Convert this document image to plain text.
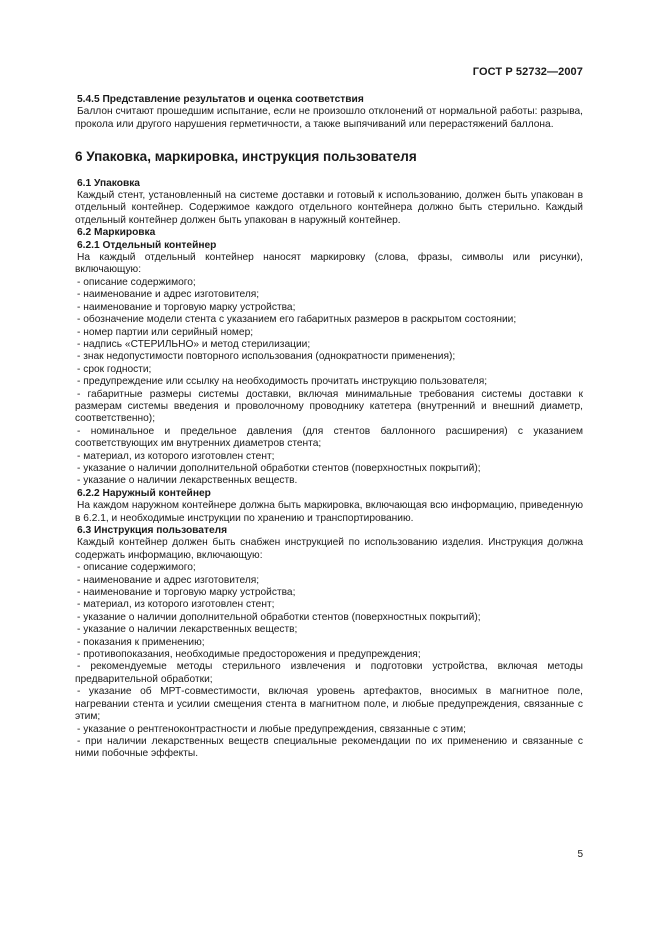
ГОСТ Р 52732—2007

5.4.5 Представление результатов и оценка соответствия

Баллон считают прошедшим испытание, если не произошло отклонений от нормальной работы: разрыва, прокола или другого нарушения герметичности, а также выпячиваний или перерастяжений баллона.

6 Упаковка, маркировка, инструкция пользователя

6.1 Упаковка

Каждый стент, установленный на системе доставки и готовый к использованию, должен быть упакован в отдельный контейнер. Содержимое каждого отдельного контейнера должно быть стерильно. Каждый отдельный контейнер должен быть упакован в наружный контейнер.

6.2 Маркировка

6.2.1 Отдельный контейнер

На каждый отдельный контейнер наносят маркировку (слова, фразы, символы или рисунки), включающую:

- описание содержимого;

- наименование и адрес изготовителя;

- наименование и торговую марку устройства;

- обозначение модели стента с указанием его габаритных размеров в раскрытом состоянии;

- номер партии или серийный номер;

- надпись «СТЕРИЛЬНО» и метод стерилизации;

- знак недопустимости повторного использования (однократности применения);

- срок годности;

- предупреждение или ссылку на необходимость прочитать инструкцию пользователя;

- габаритные размеры системы доставки, включая минимальные требования системы доставки к размерам системы введения и проволочному проводнику катетера (внутренний и внешний диаметр, соответственно);

- номинальное и предельное давления (для стентов баллонного расширения) с указанием соответствующих им внутренних диаметров стента;

- материал, из которого изготовлен стент;

- указание о наличии дополнительной обработки стентов (поверхностных покрытий);

- указание о наличии лекарственных веществ.

6.2.2 Наружный контейнер

На каждом наружном контейнере должна быть маркировка, включающая всю информацию, приведенную в 6.2.1, и необходимые инструкции по хранению и транспортированию.

6.3 Инструкция пользователя

Каждый контейнер должен быть снабжен инструкцией по использованию изделия. Инструкция должна содержать информацию, включающую:

- описание содержимого;

- наименование и адрес изготовителя;

- наименование и торговую марку устройства;

- материал, из которого изготовлен стент;

- указание о наличии дополнительной обработки стентов (поверхностных покрытий);

- указание о наличии лекарственных веществ;

- показания к применению;

- противопоказания, необходимые предосторожения и предупреждения;

- рекомендуемые методы стерильного извлечения и подготовки устройства, включая методы предварительной обработки;

- указание об МРТ-совместимости, включая уровень артефактов, вносимых в магнитное поле, нагревании стента и усилии смещения стента в магнитном поле, и любые предупреждения, связанные с этим;

- указание о рентгеноконтрастности и любые предупреждения, связанные с этим;

- при наличии лекарственных веществ специальные рекомендации по их применению и связанные с ними побочные эффекты.

5
